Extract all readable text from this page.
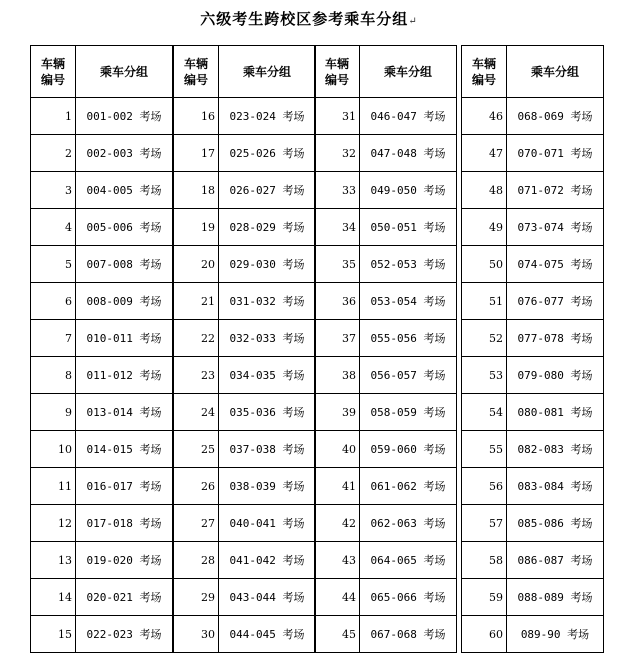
六级考生跨校区参考乘车分组↵
车辆
编号	乘车分组
1	001-002 考场
2	002-003 考场
3	004-005 考场
4	005-006 考场
5	007-008 考场
6	008-009 考场
7	010-011 考场
8	011-012 考场
9	013-014 考场
10	014-015 考场
11	016-017 考场
12	017-018 考场
13	019-020 考场
14	020-021 考场
15	022-023 考场
车辆
编号	乘车分组
16	023-024 考场
17	025-026 考场
18	026-027 考场
19	028-029 考场
20	029-030 考场
21	031-032 考场
22	032-033 考场
23	034-035 考场
24	035-036 考场
25	037-038 考场
26	038-039 考场
27	040-041 考场
28	041-042 考场
29	043-044 考场
30	044-045 考场
车辆
编号	乘车分组
31	046-047 考场
32	047-048 考场
33	049-050 考场
34	050-051 考场
35	052-053 考场
36	053-054 考场
37	055-056 考场
38	056-057 考场
39	058-059 考场
40	059-060 考场
41	061-062 考场
42	062-063 考场
43	064-065 考场
44	065-066 考场
45	067-068 考场
车辆
编号	乘车分组
46	068-069 考场
47	070-071 考场
48	071-072 考场
49	073-074 考场
50	074-075 考场
51	076-077 考场
52	077-078 考场
53	079-080 考场
54	080-081 考场
55	082-083 考场
56	083-084 考场
57	085-086 考场
58	086-087 考场
59	088-089 考场
60	089-90 考场
